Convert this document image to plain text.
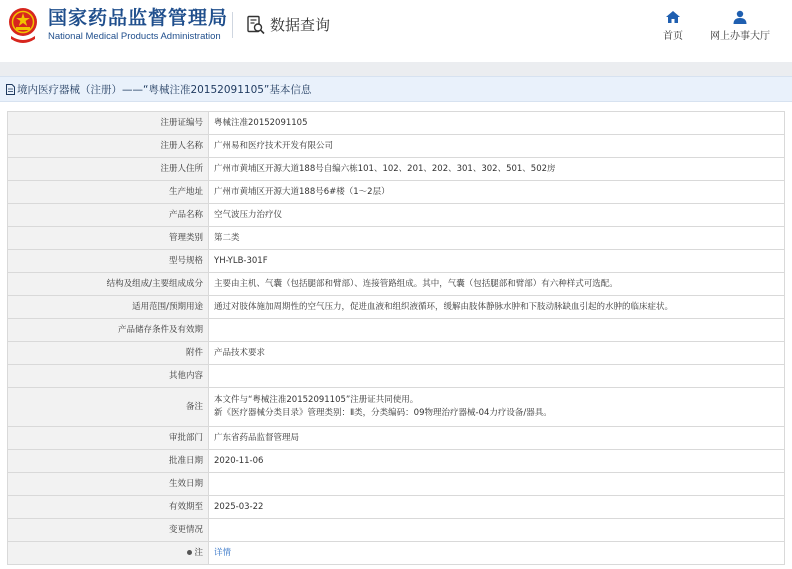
国家药品监督管理局
National Medical Products Administration
数据查询
首页	网上办事大厅
境内医疗器械（注册）——“粤械注准20152091105”基本信息
注册证编号	粤械注准20152091105
注册人名称	广州易和医疗技术开发有限公司
注册人住所	广州市黄埔区开源大道188号自编六栋101、102、201、202、301、302、501、502房
生产地址	广州市黄埔区开源大道188号6#楼（1～2层）
产品名称	空气波压力治疗仪
管理类别	第二类
型号规格	YH-YLB-301F
结构及组成/主要组成成分	主要由主机、气囊（包括腿部和臂部）、连接管路组成。其中，气囊（包括腿部和臂部）有六种样式可选配。
适用范围/预期用途	通过对肢体施加周期性的空气压力，促进血液和组织液循环，缓解由肢体静脉水肿和下肢动脉缺血引起的水肿的临床症状。
产品储存条件及有效期	
附件	产品技术要求
其他内容	
备注	本文件与“粤械注准20152091105”注册证共同使用。
新《医疗器械分类目录》管理类别：Ⅱ类，分类编码：09物理治疗器械-04力疗设备/器具。

审批部门	广东省药品监督管理局
批准日期	2020-11-06
生效日期	
有效期至	2025-03-22
变更情况	
注	详情
